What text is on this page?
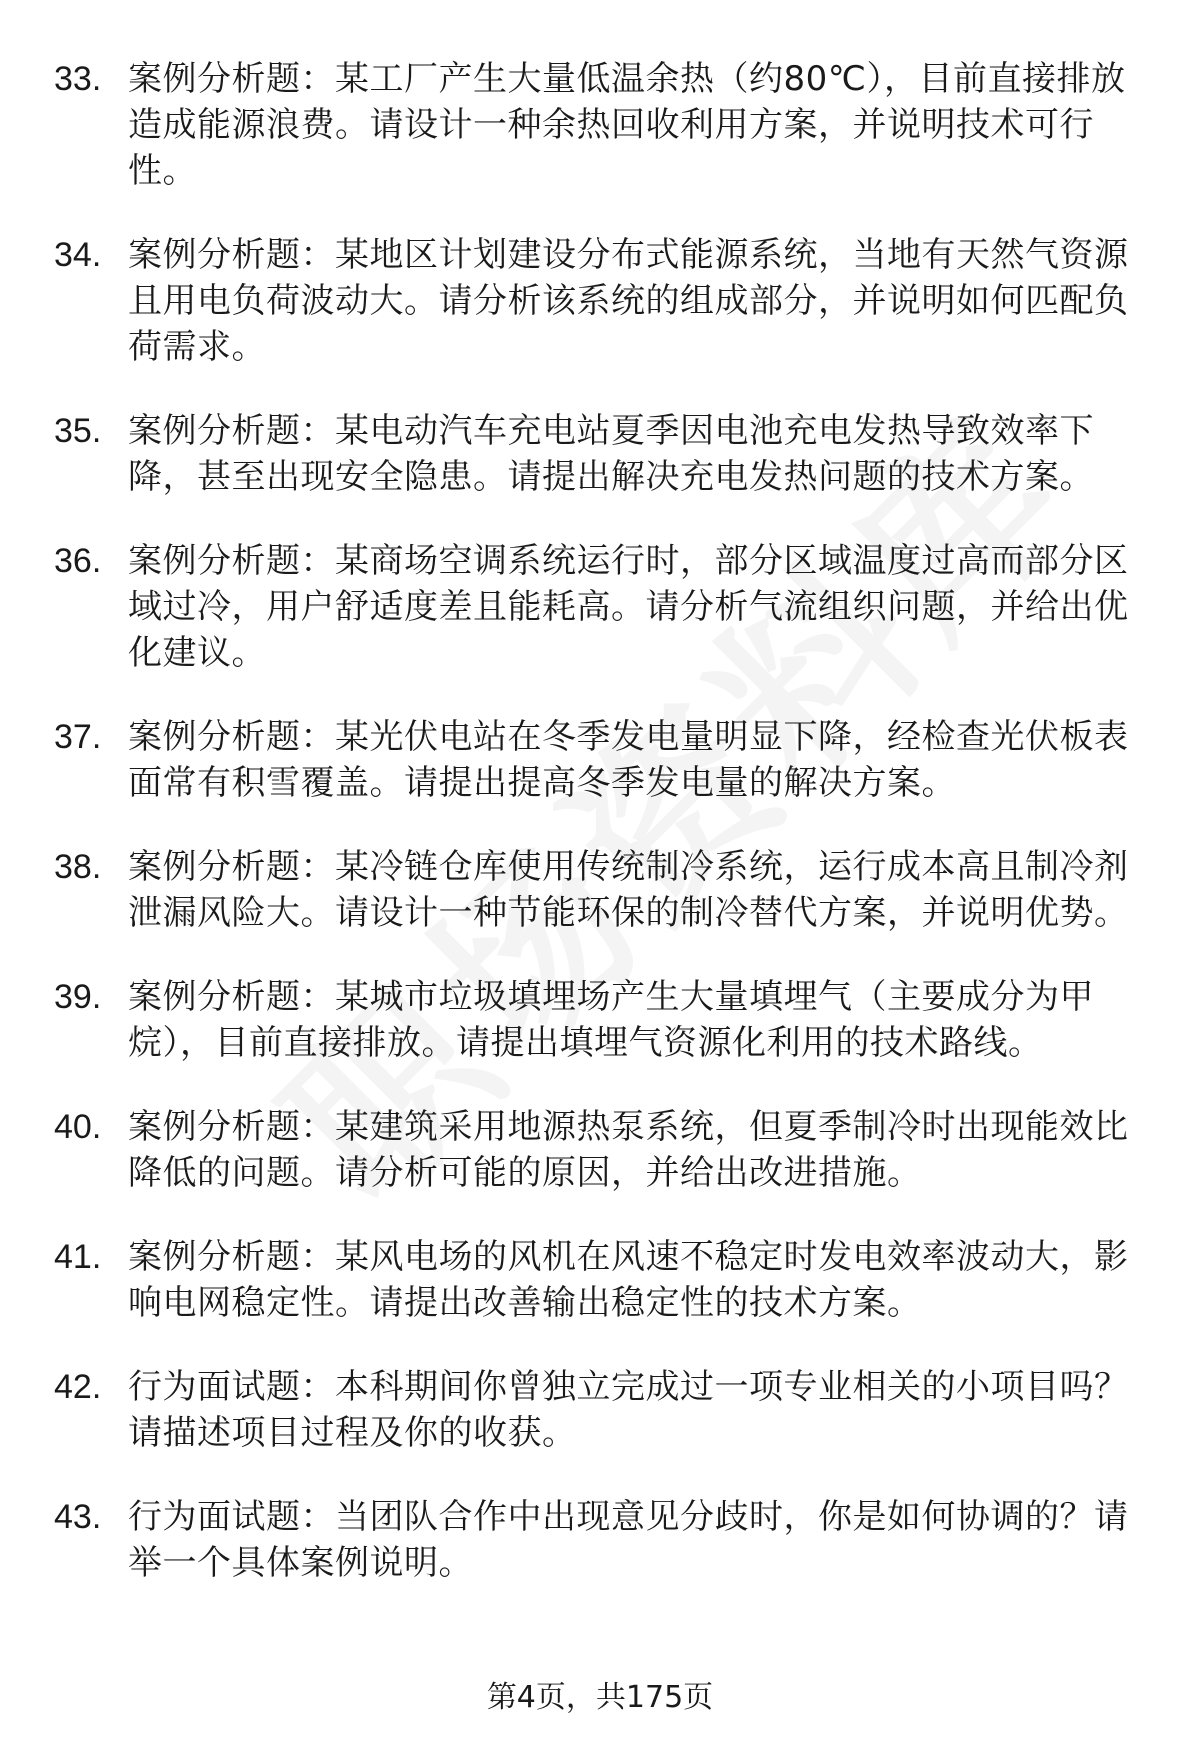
33. 案例分析题：某工厂产生大量低温余热（约80℃），目前直接排放造成能源浪费。请设计一种余热回收利用方案，并说明技术可行性。
34. 案例分析题：某地区计划建设分布式能源系统，当地有天然气资源且用电负荷波动大。请分析该系统的组成部分，并说明如何匹配负荷需求。
35. 案例分析题：某电动汽车充电站夏季因电池充电发热导致效率下降，甚至出现安全隐患。请提出解决充电发热问题的技术方案。
36. 案例分析题：某商场空调系统运行时，部分区域温度过高而部分区域过冷，用户舒适度差且能耗高。请分析气流组织问题，并给出优化建议。
37. 案例分析题：某光伏电站在冬季发电量明显下降，经检查光伏板表面常有积雪覆盖。请提出提高冬季发电量的解决方案。
38. 案例分析题：某冷链仓库使用传统制冷系统，运行成本高且制冷剂泄漏风险大。请设计一种节能环保的制冷替代方案，并说明优势。
39. 案例分析题：某城市垃圾填埋场产生大量填埋气（主要成分为甲烷），目前直接排放。请提出填埋气资源化利用的技术路线。
40. 案例分析题：某建筑采用地源热泵系统，但夏季制冷时出现能效比降低的问题。请分析可能的原因，并给出改进措施。
41. 案例分析题：某风电场的风机在风速不稳定时发电效率波动大，影响电网稳定性。请提出改善输出稳定性的技术方案。
42. 行为面试题：本科期间你曾独立完成过一项专业相关的小项目吗？请描述项目过程及你的收获。
43. 行为面试题：当团队合作中出现意见分歧时，你是如何协调的？请举一个具体案例说明。
第4页，共175页
